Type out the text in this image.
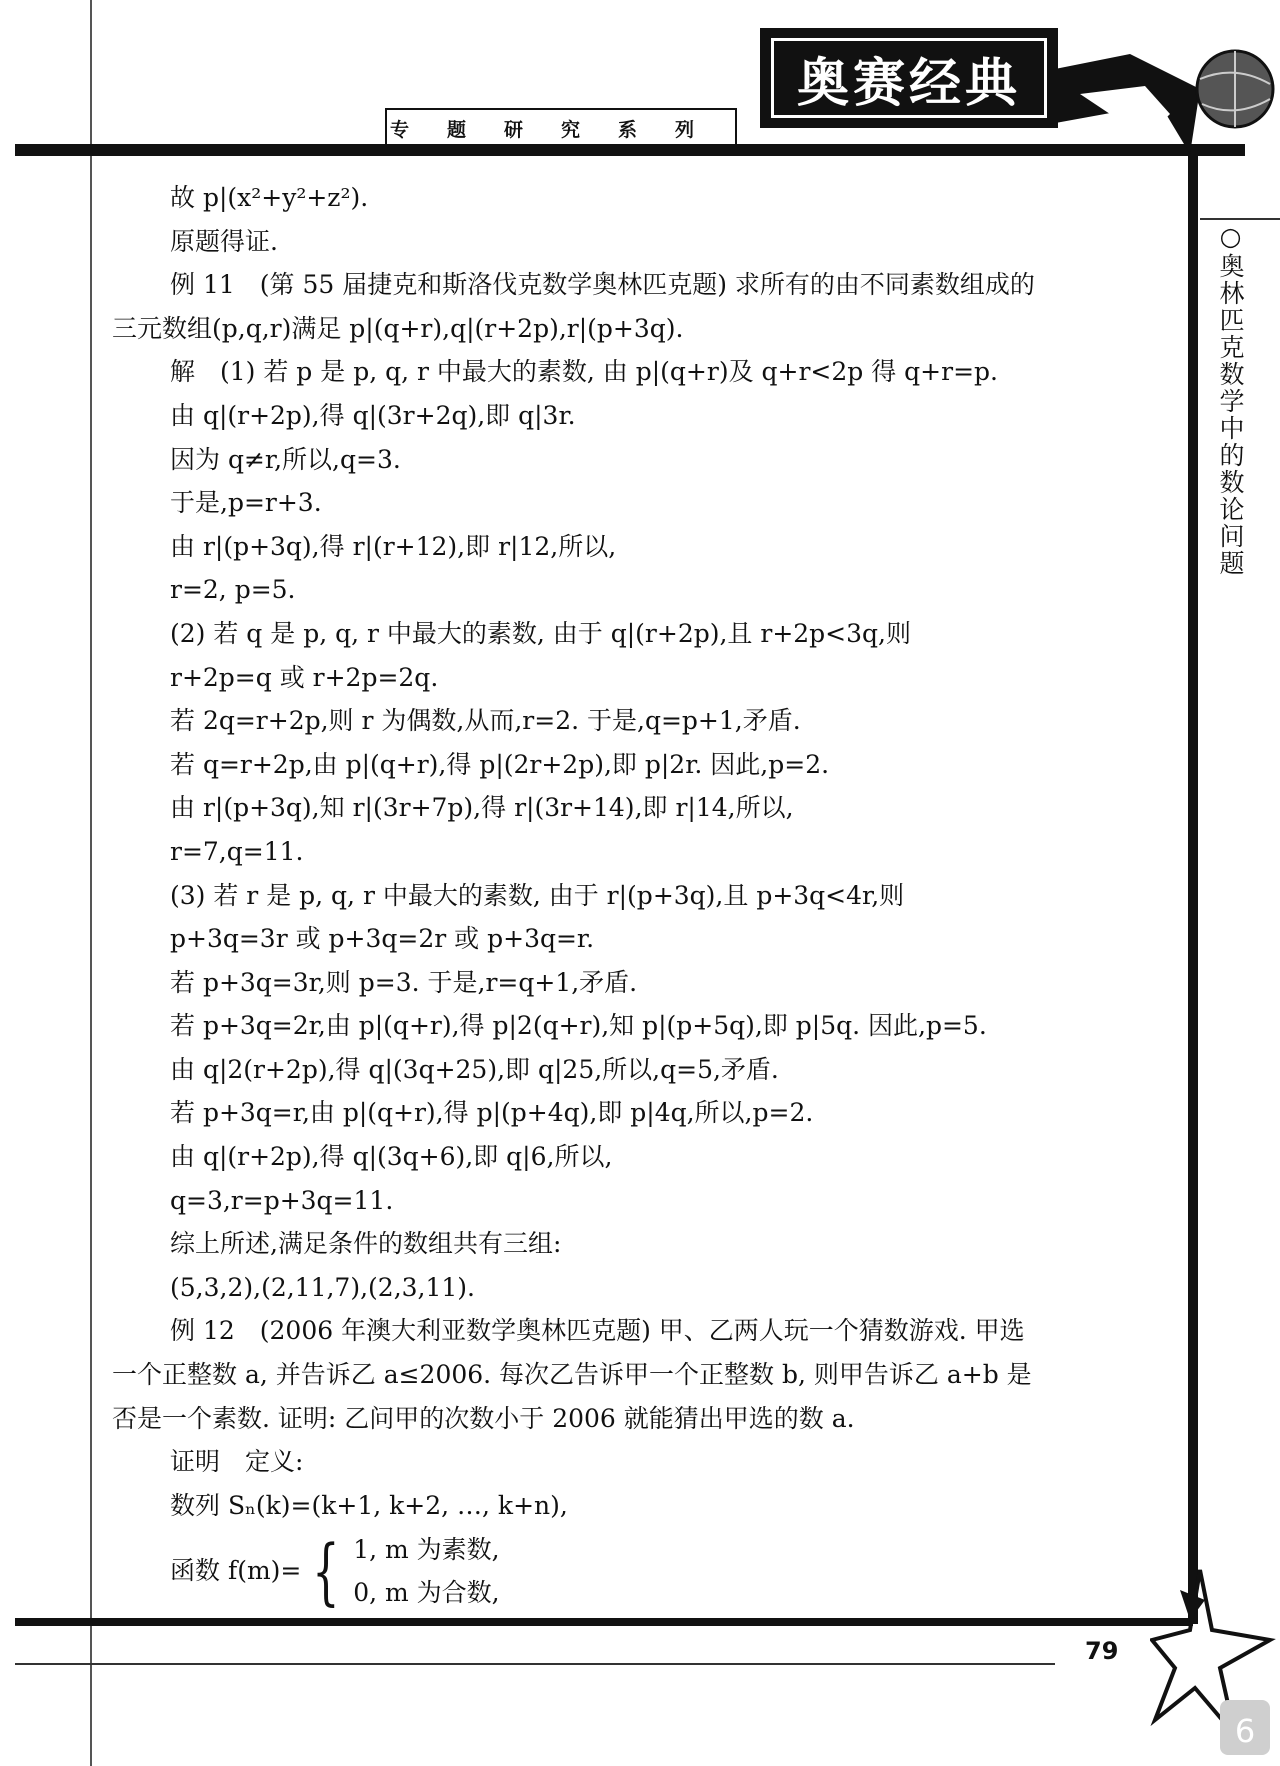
专题研究系列
奥赛经典
○奥林匹克数学中的数论问题

故 p|(x²+y²+z²).

原题得证.

例 11　(第 55 届捷克和斯洛伐克数学奥林匹克题) 求所有的由不同素数组成的

三元数组(p,q,r)满足 p|(q+r),q|(r+2p),r|(p+3q).

解　(1) 若 p 是 p, q, r 中最大的素数, 由 p|(q+r)及 q+r<2p 得 q+r=p.

由 q|(r+2p),得 q|(3r+2q),即 q|3r.

因为 q≠r,所以,q=3.

于是,p=r+3.

由 r|(p+3q),得 r|(r+12),即 r|12,所以,

r=2, p=5.

(2) 若 q 是 p, q, r 中最大的素数, 由于 q|(r+2p),且 r+2p<3q,则

r+2p=q 或 r+2p=2q.

若 2q=r+2p,则 r 为偶数,从而,r=2. 于是,q=p+1,矛盾.

若 q=r+2p,由 p|(q+r),得 p|(2r+2p),即 p|2r. 因此,p=2.

由 r|(p+3q),知 r|(3r+7p),得 r|(3r+14),即 r|14,所以,

r=7,q=11.

(3) 若 r 是 p, q, r 中最大的素数, 由于 r|(p+3q),且 p+3q<4r,则

p+3q=3r 或 p+3q=2r 或 p+3q=r.

若 p+3q=3r,则 p=3. 于是,r=q+1,矛盾.

若 p+3q=2r,由 p|(q+r),得 p|2(q+r),知 p|(p+5q),即 p|5q. 因此,p=5.

由 q|2(r+2p),得 q|(3q+25),即 q|25,所以,q=5,矛盾.

若 p+3q=r,由 p|(q+r),得 p|(p+4q),即 p|4q,所以,p=2.

由 q|(r+2p),得 q|(3q+6),即 q|6,所以,

q=3,r=p+3q=11.

综上所述,满足条件的数组共有三组:

(5,3,2),(2,11,7),(2,3,11).

例 12　(2006 年澳大利亚数学奥林匹克题) 甲、乙两人玩一个猜数游戏. 甲选

一个正整数 a, 并告诉乙 a≤2006. 每次乙告诉甲一个正整数 b, 则甲告诉乙 a+b 是

否是一个素数. 证明: 乙问甲的次数小于 2006 就能猜出甲选的数 a.

证明　定义:

数列 Sₙ(k)=(k+1, k+2, …, k+n),

函数 f(m)= { 1, m 为素数,
0, m 为合数,

79
6
